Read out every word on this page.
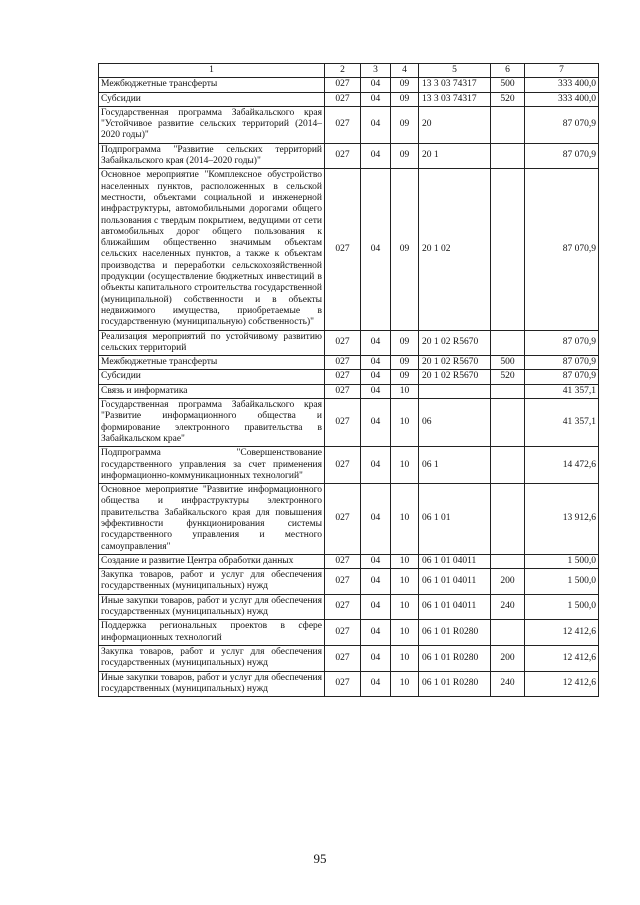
1	2	3	4	5	6	7
Межбюджетные трансферты	027	04	09	13 3 03 74317	500	333 400,0
Субсидии	027	04	09	13 3 03 74317	520	333 400,0
Государственная программа Забайкальского края "Устойчивое развитие сельских территорий (2014–2020 годы)"	027	04	09	20		87 070,9
Подпрограмма "Развитие сельских территорий Забайкальского края (2014–2020 годы)"	027	04	09	20 1		87 070,9
Основное мероприятие "Комплексное обустройство населенных пунктов, расположенных в сельской местности, объектами социальной и инженерной инфраструктуры, автомобильными дорогами общего пользования с твердым покрытием, ведущими от сети автомобильных дорог общего пользования к ближайшим общественно значимым объектам сельских населенных пунктов, а также к объектам производства и переработки сельскохозяйственной продукции (осуществление бюджетных инвестиций в объекты капитального строительства государственной (муниципальной) собственности и в объекты недвижимого имущества, приобретаемые в государственную (муниципальную) собственность)"	027	04	09	20 1 02		87 070,9
Реализация мероприятий по устойчивому развитию сельских территорий	027	04	09	20 1 02 R5670		87 070,9
Межбюджетные трансферты	027	04	09	20 1 02 R5670	500	87 070,9
Субсидии	027	04	09	20 1 02 R5670	520	87 070,9
Связь и информатика	027	04	10			41 357,1
Государственная программа Забайкальского края "Развитие информационного общества и формирование электронного правительства в Забайкальском крае"	027	04	10	06		41 357,1
Подпрограмма "Совершенствование государственного управления за счет применения информационно-коммуникационных технологий"	027	04	10	06 1		14 472,6
Основное мероприятие "Развитие информационного общества и инфраструктуры электронного правительства Забайкальского края для повышения эффективности функционирования системы государственного управления и местного самоуправления"	027	04	10	06 1 01		13 912,6
Создание и развитие Центра обработки данных	027	04	10	06 1 01 04011		1 500,0
Закупка товаров, работ и услуг для обеспечения государственных (муниципальных) нужд	027	04	10	06 1 01 04011	200	1 500,0
Иные закупки товаров, работ и услуг для обеспечения государственных (муниципальных) нужд	027	04	10	06 1 01 04011	240	1 500,0
Поддержка региональных проектов в сфере информационных технологий	027	04	10	06 1 01 R0280		12 412,6
Закупка товаров, работ и услуг для обеспечения государственных (муниципальных) нужд	027	04	10	06 1 01 R0280	200	12 412,6
Иные закупки товаров, работ и услуг для обеспечения государственных (муниципальных) нужд	027	04	10	06 1 01 R0280	240	12 412,6
95
